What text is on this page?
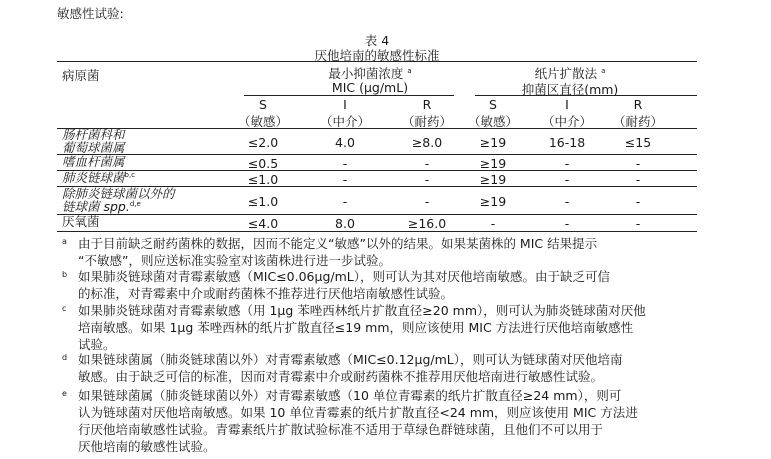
敏感性试验:
表 4
厌他培南的敏感性标准
病原菌	最小抑菌浓度 $^a$
MIC (μg/mL)
纸片扩散法 $^a$
抑菌区直径(mm)
S	I	R	S	I	R
（敏感）	（中介）	（耐药）	（敏感）	（中介）	（耐药）
肠杆菌科和
葡萄球菌属	≤2.0	4.0	≥8.0	≥19	16-18	≤15
嗜血杆菌属	≤0.5	-	-	≥19	-	-
肺炎链球菌$^{b,c}$	≤1.0	-	-	≥19	-	-
除肺炎链球菌以外的
链球菌 spp.$^{d,e}$	≤1.0	-	-	≥19	-	-
厌氧菌	≤4.0	8.0	≥16.0	-	-	-
a 由于目前缺乏耐药菌株的数据，因而不能定义“敏感”以外的结果。如果某菌株的 MIC 结果提示
“不敏感”，则应送标准实验室对该菌株进行进一步试验。
b 如果肺炎链球菌对青霉素敏感（MIC≤0.06μg/mL），则可认为其对厌他培南敏感。由于缺乏可信
的标准，对青霉素中介或耐药菌株不推荐进行厌他培南敏感性试验。
c 如果肺炎链球菌对青霉素敏感（用 1μg 苯唑西林纸片扩散直径≥20 mm），则可认为肺炎链球菌对厌他
培南敏感。如果 1μg 苯唑西林的纸片扩散直径≤19 mm，则应该使用 MIC 方法进行厌他培南敏感性
试验。
d 如果链球菌属（肺炎链球菌以外）对青霉素敏感（MIC≤0.12μg/mL），则可认为链球菌对厌他培南
敏感。由于缺乏可信的标准，因而对青霉素中介或耐药菌株不推荐用厌他培南进行敏感性试验。
e 如果链球菌属（肺炎链球菌以外）对青霉素敏感（10 单位青霉素的纸片扩散直径≥24 mm），则可
认为链球菌对厌他培南敏感。如果 10 单位青霉素的纸片扩散直径<24 mm，则应该使用 MIC 方法进
行厌他培南敏感性试验。青霉素纸片扩散试验标准不适用于草绿色群链球菌，且他们不可以用于
厌他培南的敏感性试验。
